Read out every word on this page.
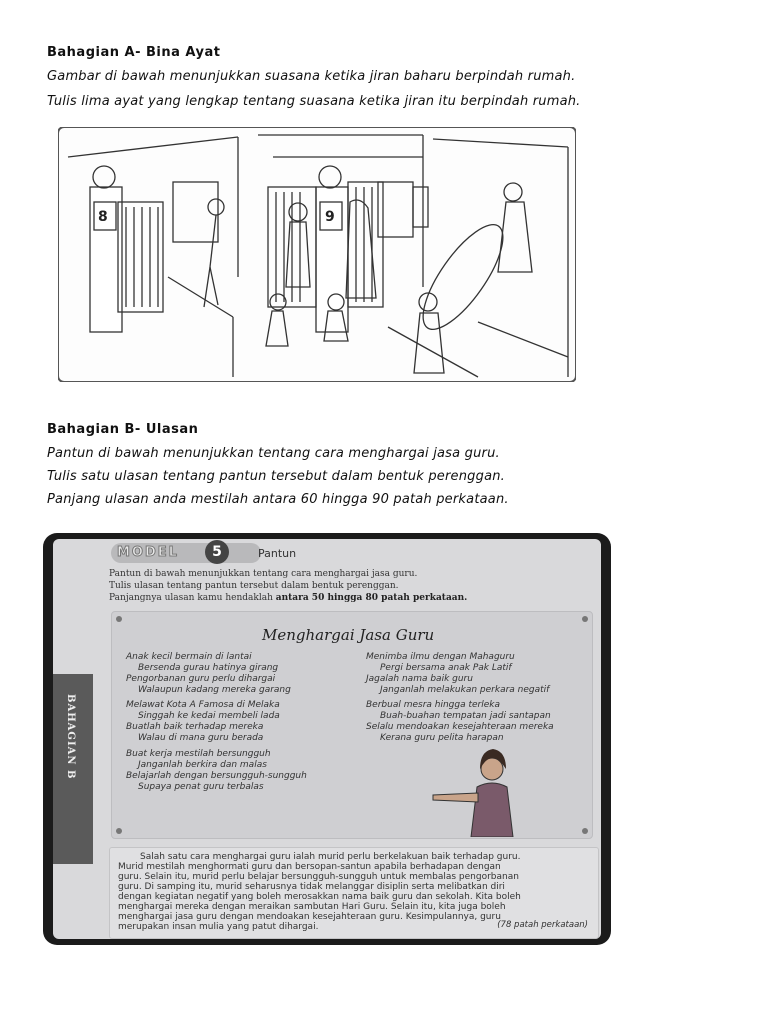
Bahagian A- Bina Ayat
Gambar di bawah menunjukkan suasana ketika jiran baharu berpindah rumah.
Tulis lima ayat yang lengkap tentang suasana ketika jiran itu berpindah rumah.
8	9
Bahagian B- Ulasan
Pantun di bawah menunjukkan tentang cara menghargai jasa guru.
Tulis satu ulasan tentang pantun tersebut dalam bentuk perenggan.
Panjang ulasan anda mestilah antara 60 hingga 90 patah perkataan.
BAHAGIAN B
MODEL	5	Pantun
Pantun di bawah menunjukkan tentang cara menghargai jasa guru.
Tulis ulasan tentang pantun tersebut dalam bentuk perenggan.
Panjangnya ulasan kamu hendaklah antara 50 hingga 80 patah perkataan.
Menghargai Jasa Guru
Anak kecil bermain di lantai
Bersenda gurau hatinya girang
Pengorbanan guru perlu dihargai
Walaupun kadang mereka garang
Melawat Kota A Famosa di Melaka
Singgah ke kedai membeli lada
Buatlah baik terhadap mereka
Walau di mana guru berada
Buat kerja mestilah bersungguh
Janganlah berkira dan malas
Belajarlah dengan bersungguh-sungguh
Supaya penat guru terbalas
Menimba ilmu dengan Mahaguru
Pergi bersama anak Pak Latif
Jagalah nama baik guru
Janganlah melakukan perkara negatif
Berbual mesra hingga terleka
Buah-buahan tempatan jadi santapan
Selalu mendoakan kesejahteraan mereka
Kerana guru pelita harapan
Salah satu cara menghargai guru ialah murid perlu berkelakuan baik terhadap guru.
Murid mestilah menghormati guru dan bersopan-santun apabila berhadapan dengan
guru. Selain itu, murid perlu belajar bersungguh-sungguh untuk membalas pengorbanan
guru. Di samping itu, murid seharusnya tidak melanggar disiplin serta melibatkan diri
dengan kegiatan negatif yang boleh merosakkan nama baik guru dan sekolah. Kita boleh
menghargai mereka dengan meraikan sambutan Hari Guru. Selain itu, kita juga boleh
menghargai jasa guru dengan mendoakan kesejahteraan guru. Kesimpulannya, guru
merupakan insan mulia yang patut dihargai.	(78 patah perkataan)
